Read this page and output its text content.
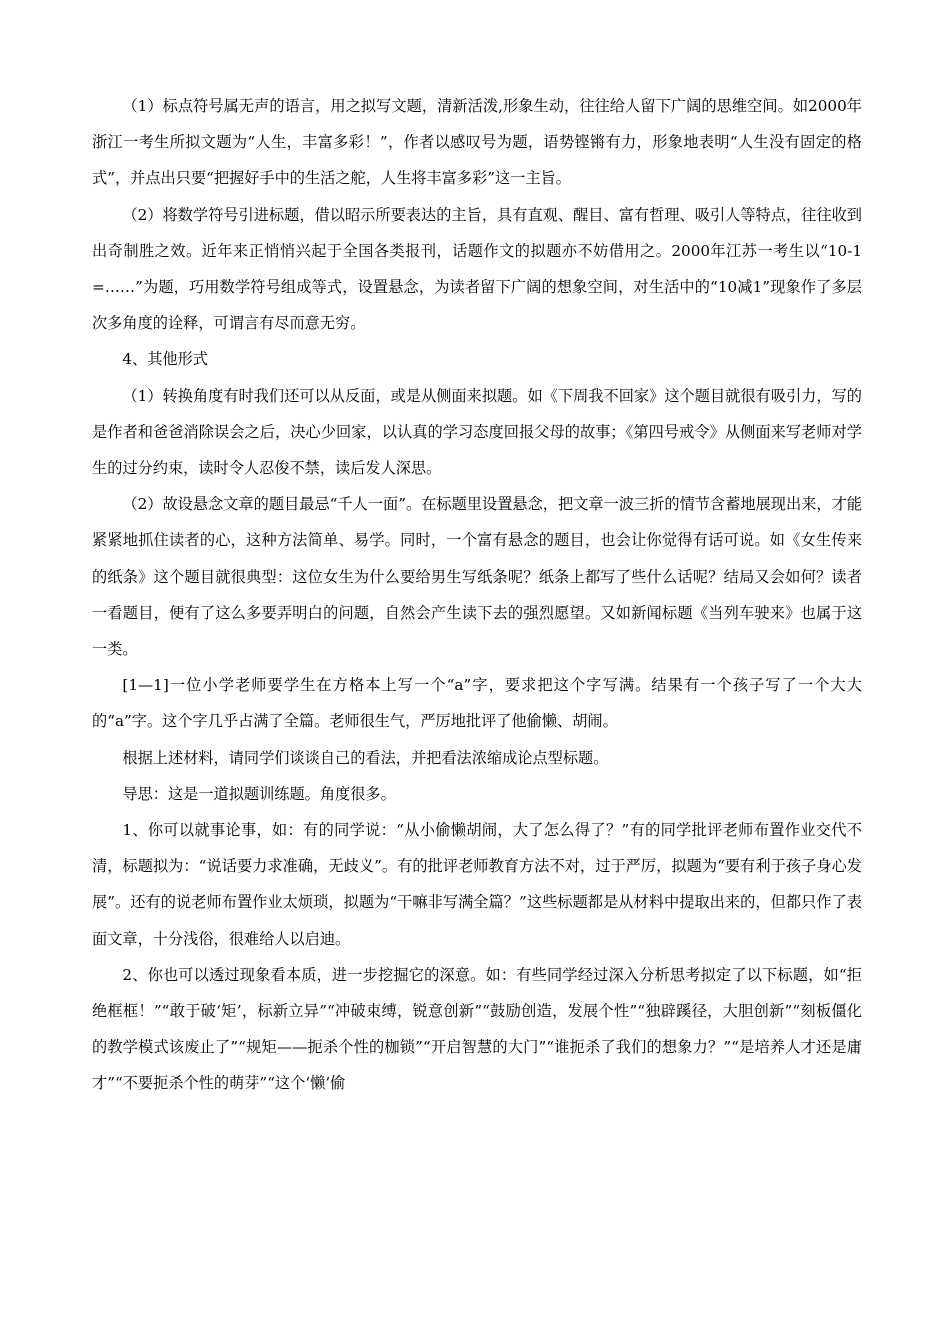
（1）标点符号属无声的语言，用之拟写文题，清新活泼,形象生动，往往给人留下广阔的思维空间。如2000年浙江一考生所拟文题为“人生，丰富多彩！”，作者以感叹号为题，语势铿锵有力，形象地表明“人生没有固定的格式”，并点出只要“把握好手中的生活之舵，人生将丰富多彩”这一主旨。

（2）将数学符号引进标题，借以昭示所要表达的主旨，具有直观、醒目、富有哲理、吸引人等特点，往往收到出奇制胜之效。近年来正悄悄兴起于全国各类报刊，话题作文的拟题亦不妨借用之。2000年江苏一考生以“10-1=……”为题，巧用数学符号组成等式，设置悬念，为读者留下广阔的想象空间，对生活中的“10减1”现象作了多层次多角度的诠释，可谓言有尽而意无穷。

4、其他形式

（1）转换角度有时我们还可以从反面，或是从侧面来拟题。如《下周我不回家》这个题目就很有吸引力，写的是作者和爸爸消除误会之后，决心少回家，以认真的学习态度回报父母的故事；《第四号戒令》从侧面来写老师对学生的过分约束，读时令人忍俊不禁，读后发人深思。

（2）故设悬念文章的题目最忌“千人一面”。在标题里设置悬念，把文章一波三折的情节含蓄地展现出来，才能紧紧地抓住读者的心，这种方法简单、易学。同时，一个富有悬念的题目，也会让你觉得有话可说。如《女生传来的纸条》这个题目就很典型：这位女生为什么要给男生写纸条呢？纸条上都写了些什么话呢？结局又会如何？读者一看题目，便有了这么多要弄明白的问题，自然会产生读下去的强烈愿望。又如新闻标题《当列车驶来》也属于这一类。

[1—1]一位小学老师要学生在方格本上写一个“a”字，要求把这个字写满。结果有一个孩子写了一个大大的“a”字。这个字几乎占满了全篇。老师很生气，严厉地批评了他偷懒、胡闹。

根据上述材料，请同学们谈谈自己的看法，并把看法浓缩成论点型标题。

导思：这是一道拟题训练题。角度很多。

1、你可以就事论事，如：有的同学说：“从小偷懒胡闹，大了怎么得了？”有的同学批评老师布置作业交代不清，标题拟为：“说话要力求准确，无歧义”。有的批评老师教育方法不对，过于严厉，拟题为“要有利于孩子身心发展”。还有的说老师布置作业太烦琐，拟题为“干嘛非写满全篇？”这些标题都是从材料中提取出来的，但都只作了表面文章，十分浅俗，很难给人以启迪。

2、你也可以透过现象看本质，进一步挖掘它的深意。如：有些同学经过深入分析思考拟定了以下标题，如“拒绝框框！”“敢于破‘矩’，标新立异”“冲破束缚，锐意创新”“鼓励创造，发展个性”“独辟蹊径，大胆创新”“刻板僵化的教学模式该废止了”“规矩——扼杀个性的枷锁”“开启智慧的大门”“谁扼杀了我们的想象力？”“是培养人才还是庸才”“不要扼杀个性的萌芽”“这个‘懒’偷
